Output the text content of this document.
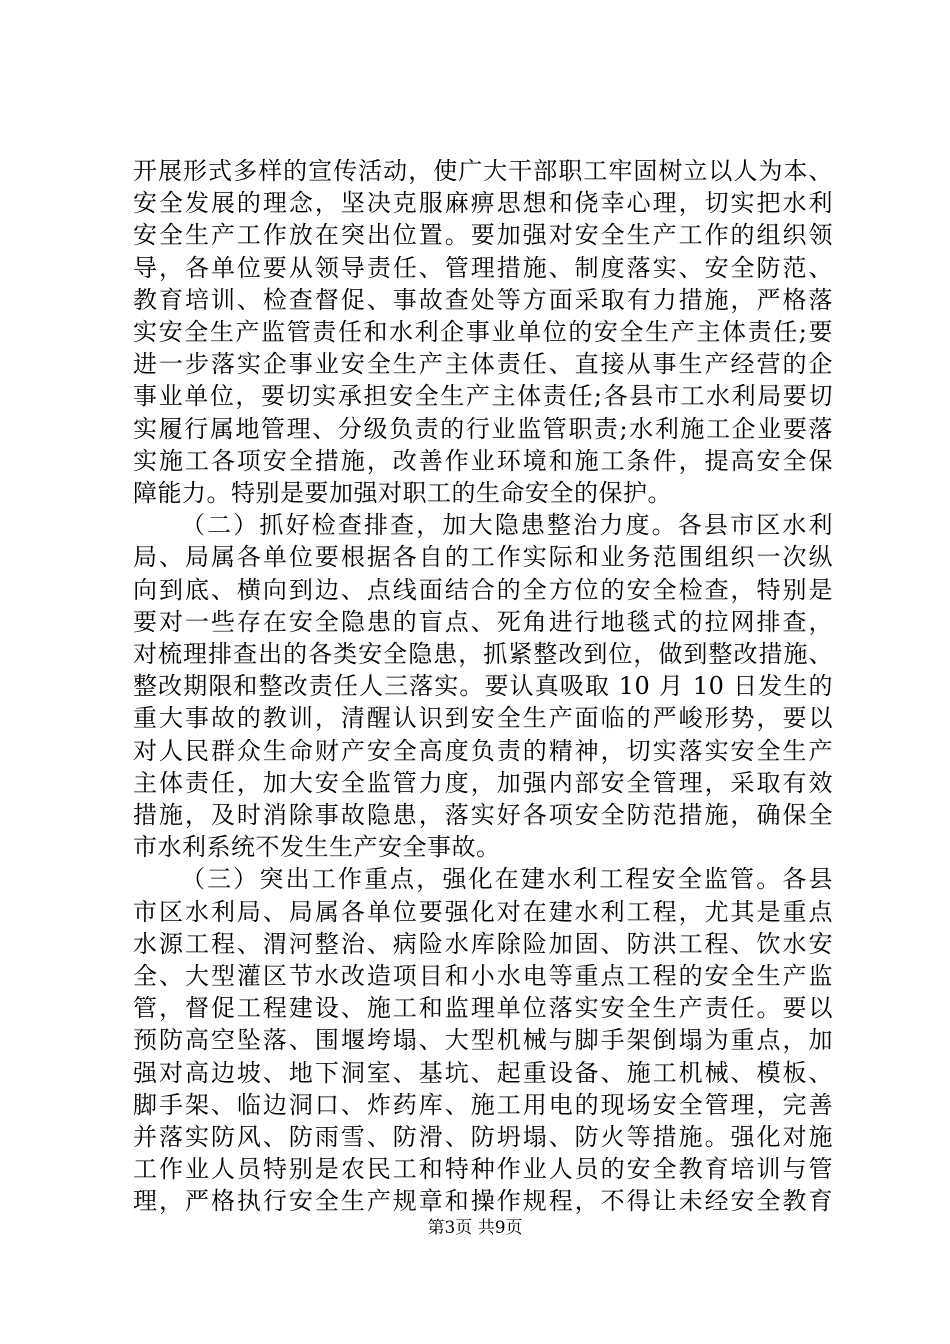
开展形式多样的宣传活动，使广大干部职工牢固树立以人为本、
安全发展的理念，坚决克服麻痹思想和侥幸心理，切实把水利
安全生产工作放在突出位置。要加强对安全生产工作的组织领
导，各单位要从领导责任、管理措施、制度落实、安全防范、
教育培训、检查督促、事故查处等方面采取有力措施，严格落
实安全生产监管责任和水利企事业单位的安全生产主体责任;要
进一步落实企事业安全生产主体责任、直接从事生产经营的企
事业单位，要切实承担安全生产主体责任;各县市工水利局要切
实履行属地管理、分级负责的行业监管职责;水利施工企业要落
实施工各项安全措施，改善作业环境和施工条件，提高安全保
障能力。特别是要加强对职工的生命安全的保护。
（二）抓好检查排查，加大隐患整治力度。各县市区水利
局、局属各单位要根据各自的工作实际和业务范围组织一次纵
向到底、横向到边、点线面结合的全方位的安全检查，特别是
要对一些存在安全隐患的盲点、死角进行地毯式的拉网排查，
对梳理排查出的各类安全隐患，抓紧整改到位，做到整改措施、
整改期限和整改责任人三落实。要认真吸取 10 月 10 日发生的
重大事故的教训，清醒认识到安全生产面临的严峻形势，要以
对人民群众生命财产安全高度负责的精神，切实落实安全生产
主体责任，加大安全监管力度，加强内部安全管理，采取有效
措施，及时消除事故隐患，落实好各项安全防范措施，确保全
市水利系统不发生生产安全事故。
（三）突出工作重点，强化在建水利工程安全监管。各县
市区水利局、局属各单位要强化对在建水利工程，尤其是重点
水源工程、渭河整治、病险水库除险加固、防洪工程、饮水安
全、大型灌区节水改造项目和小水电等重点工程的安全生产监
管，督促工程建设、施工和监理单位落实安全生产责任。要以
预防高空坠落、围堰垮塌、大型机械与脚手架倒塌为重点，加
强对高边坡、地下洞室、基坑、起重设备、施工机械、模板、
脚手架、临边洞口、炸药库、施工用电的现场安全管理，完善
并落实防风、防雨雪、防滑、防坍塌、防火等措施。强化对施
工作业人员特别是农民工和特种作业人员的安全教育培训与管
理，严格执行安全生产规章和操作规程，不得让未经安全教育
第3页 共9页
